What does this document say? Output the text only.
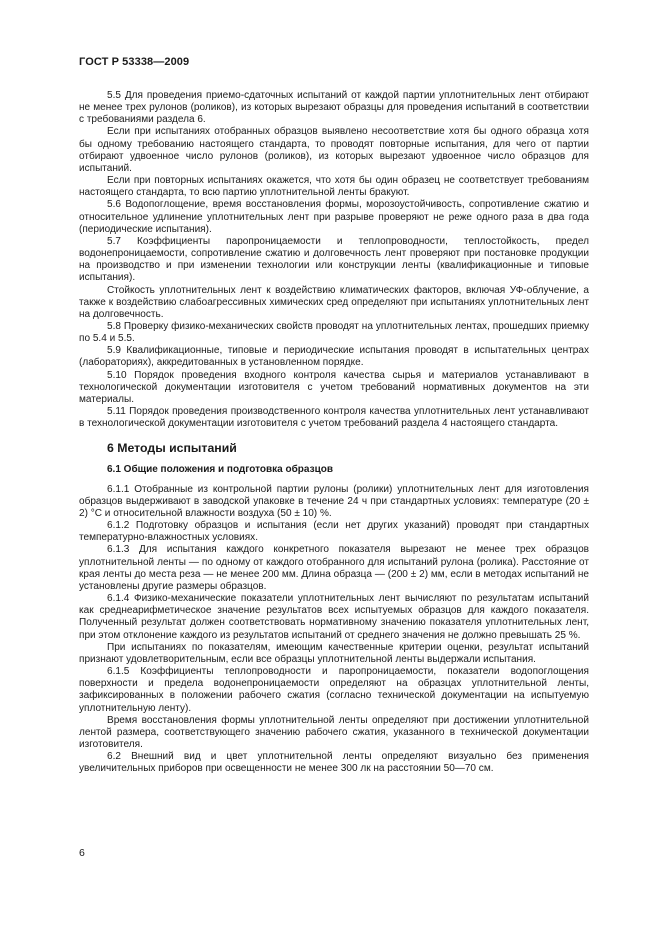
ГОСТ Р 53338—2009

5.5 Для проведения приемо-сдаточных испытаний от каждой партии уплотнительных лент отбирают не менее трех рулонов (роликов), из которых вырезают образцы для проведения испытаний в соответствии с требованиями раздела 6.

Если при испытаниях отобранных образцов выявлено несоответствие хотя бы одного образца хотя бы одному требованию настоящего стандарта, то проводят повторные испытания, для чего от партии отбирают удвоенное число рулонов (роликов), из которых вырезают удвоенное число образцов для испытаний.

Если при повторных испытаниях окажется, что хотя бы один образец не соответствует требованиям настоящего стандарта, то всю партию уплотнительной ленты бракуют.

5.6 Водопоглощение, время восстановления формы, морозоустойчивость, сопротивление сжатию и относительное удлинение уплотнительных лент при разрыве проверяют не реже одного раза в два года (периодические испытания).

5.7 Коэффициенты паропроницаемости и теплопроводности, теплостойкость, предел водонепроницаемости, сопротивление сжатию и долговечность лент проверяют при постановке продукции на производство и при изменении технологии или конструкции ленты (квалификационные и типовые испытания).

Стойкость уплотнительных лент к воздействию климатических факторов, включая УФ-облучение, а также к воздействию слабоагрессивных химических сред определяют при испытаниях уплотнительных лент на долговечность.

5.8 Проверку физико-механических свойств проводят на уплотнительных лентах, прошедших приемку по 5.4 и 5.5.

5.9 Квалификационные, типовые и периодические испытания проводят в испытательных центрах (лабораториях), аккредитованных в установленном порядке.

5.10 Порядок проведения входного контроля качества сырья и материалов устанавливают в технологической документации изготовителя с учетом требований нормативных документов на эти материалы.

5.11 Порядок проведения производственного контроля качества уплотнительных лент устанавливают в технологической документации изготовителя с учетом требований раздела 4 настоящего стандарта.

6 Методы испытаний
6.1 Общие положения и подготовка образцов

6.1.1 Отобранные из контрольной партии рулоны (ролики) уплотнительных лент для изготовления образцов выдерживают в заводской упаковке в течение 24 ч при стандартных условиях: температуре (20 ± 2) °С и относительной влажности воздуха (50 ± 10) %.

6.1.2 Подготовку образцов и испытания (если нет других указаний) проводят при стандартных температурно-влажностных условиях.

6.1.3 Для испытания каждого конкретного показателя вырезают не менее трех образцов уплотнительной ленты — по одному от каждого отобранного для испытаний рулона (ролика). Расстояние от края ленты до места реза — не менее 200 мм. Длина образца — (200 ± 2) мм, если в методах испытаний не установлены другие размеры образцов.

6.1.4 Физико-механические показатели уплотнительных лент вычисляют по результатам испытаний как среднеарифметическое значение результатов всех испытуемых образцов для каждого показателя. Полученный результат должен соответствовать нормативному значению показателя уплотнительных лент, при этом отклонение каждого из результатов испытаний от среднего значения не должно превышать 25 %.

При испытаниях по показателям, имеющим качественные критерии оценки, результат испытаний признают удовлетворительным, если все образцы уплотнительной ленты выдержали испытания.

6.1.5 Коэффициенты теплопроводности и паропроницаемости, показатели водопоглощения поверхности и предела водонепроницаемости определяют на образцах уплотнительной ленты, зафиксированных в положении рабочего сжатия (согласно технической документации на испытуемую уплотнительную ленту).

Время восстановления формы уплотнительной ленты определяют при достижении уплотнительной лентой размера, соответствующего значению рабочего сжатия, указанного в технической документации изготовителя.

6.2 Внешний вид и цвет уплотнительной ленты определяют визуально без применения увеличительных приборов при освещенности не менее 300 лк на расстоянии 50—70 см.

6
